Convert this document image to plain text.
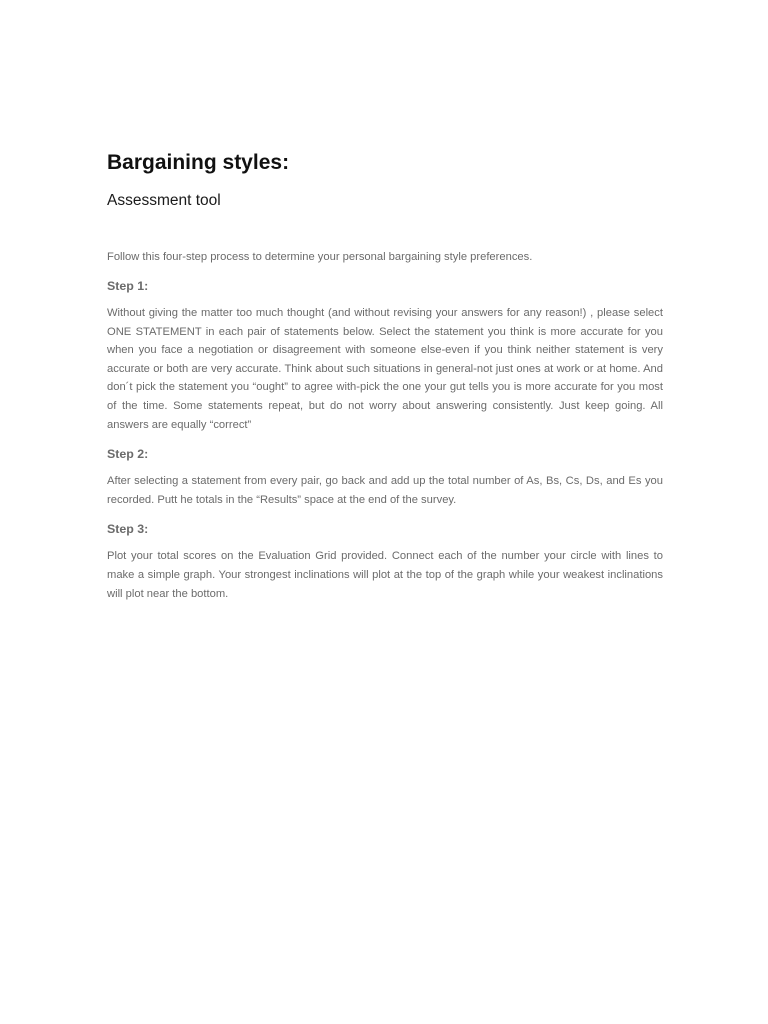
Bargaining styles:

Assessment tool

Follow this four-step process to determine your personal bargaining style preferences.

Step 1:

Without giving the matter too much thought (and without revising your answers for any reason!) , please select ONE STATEMENT in each pair of statements below. Select the statement you think is more accurate for you when you face a negotiation or disagreement with someone else-even if you think neither statement is very accurate or both are very accurate. Think about such situations in general-not just ones at work or at home. And don´t pick the statement you “ought” to agree with-pick the one your gut tells you is more accurate for you most of the time. Some statements repeat, but do not worry about answering consistently. Just keep going. All answers are equally “correct”

Step 2:

After selecting a statement from every pair, go back and add up the total number of As, Bs, Cs, Ds, and Es you recorded. Putt he totals in the “Results” space at the end of the survey.

Step 3:

Plot your total scores on the Evaluation Grid provided. Connect each of the number your circle with lines to make a simple graph. Your strongest inclinations will plot at the top of the graph while your weakest inclinations will plot near the bottom.
